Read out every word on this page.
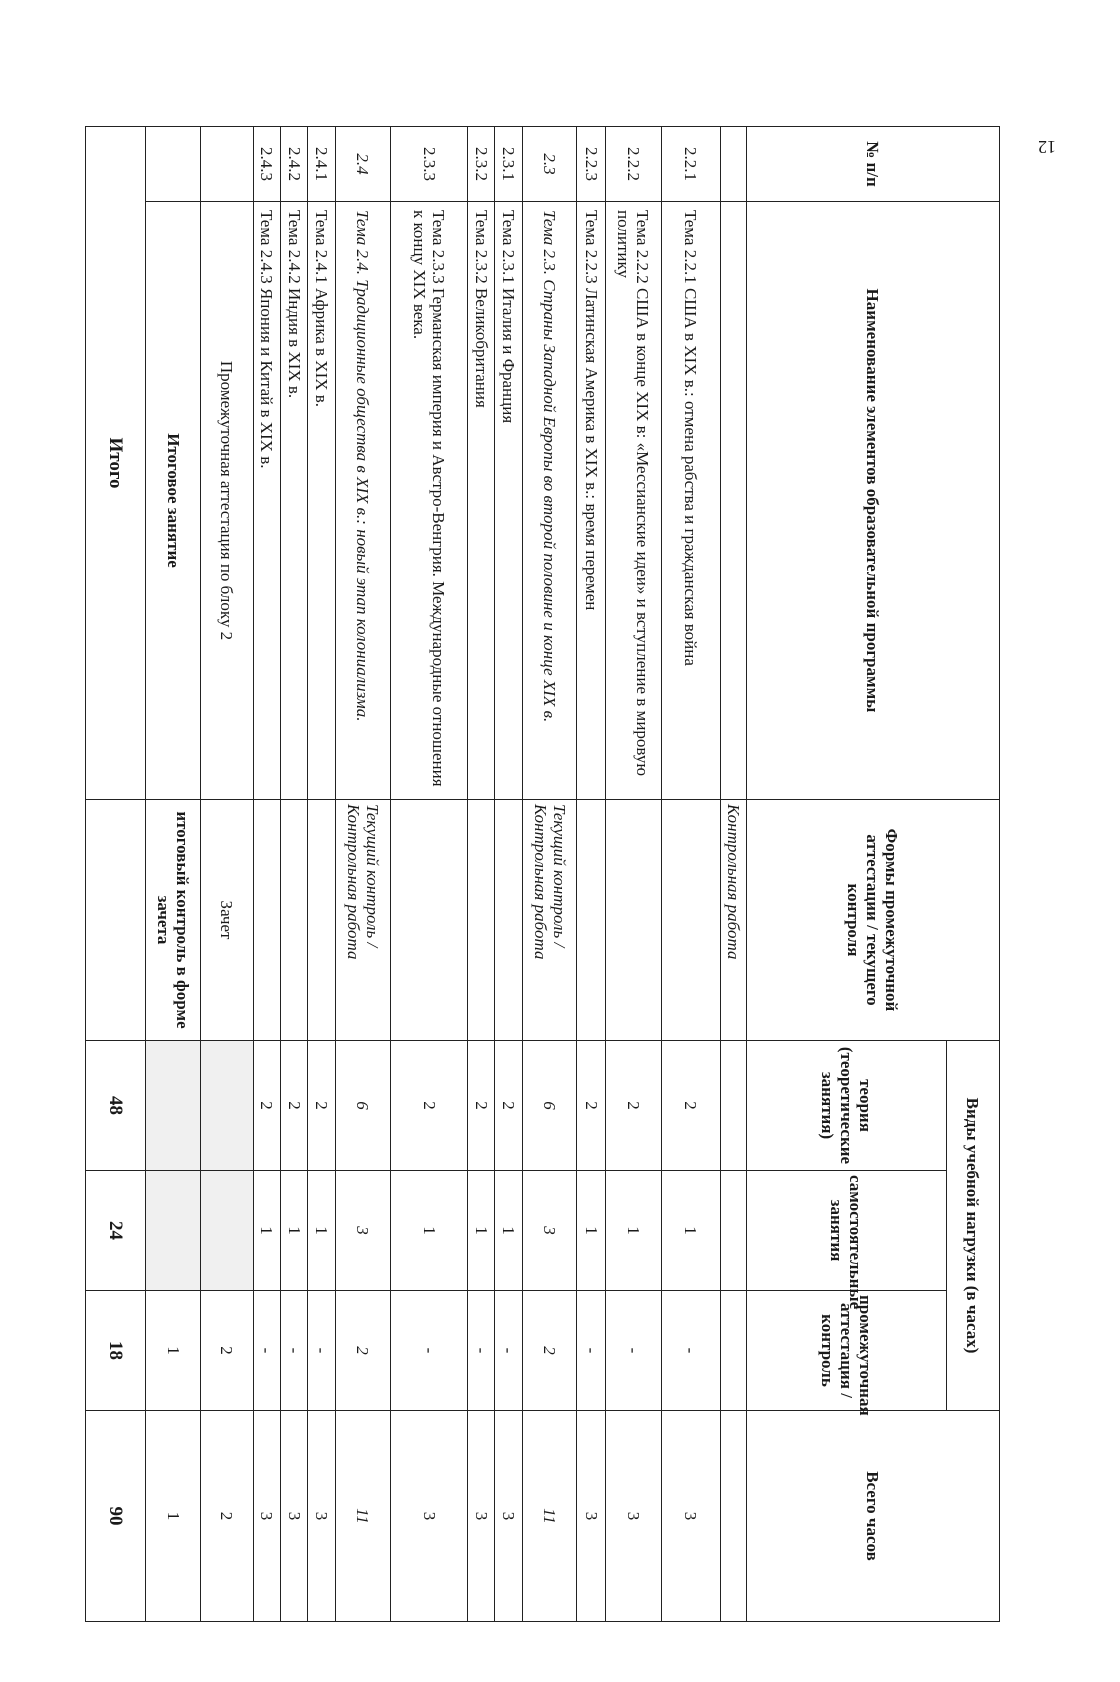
12
№ п/п	Наименование элементов образовательной программы	Формы промежуточной аттестации / текущего контроля	Виды учебной нагрузки (в часах)			Всего часов
			теория (теоретические занятия)	самостоятельные занятия	промежуточная аттестация / контроль	
		Контрольная работа				
2.2.1	Тема 2.2.1 США в XIX в.: отмена рабства и гражданская война		2	1	-	3
2.2.2	Тема 2.2.2 США в конце XIX в: «Мессианские идеи» и вступление в мировую политику		2	1	-	3
2.2.3	Тема 2.2.3 Латинская Америка в XIX в.: время перемен		2	1	-	3
2.3	Тема 2.3. Страны Западной Европы во второй половине и конце XIX в.	Текущий контроль / Контрольная работа	6	3	2	11
2.3.1	Тема 2.3.1 Италия и Франция		2	1	-	3
2.3.2	Тема 2.3.2 Великобритания		2	1	-	3
2.3.3	Тема 2.3.3 Германская империя и Австро-Венгрия. Международные отношения к концу XIX века.		2	1	-	3
2.4	Тема 2.4. Традиционные общества в XIX в.: новый этап колониализма.	Текущий контроль / Контрольная работа	6	3	2	11
2.4.1	Тема 2.4.1 Африка в XIX в.		2	1	-	3
2.4.2	Тема 2.4.2 Индия в XIX в.		2	1	-	3
2.4.3	Тема 2.4.3 Япония и Китай в XIX в.		2	1	-	3
	Промежуточная аттестация по блоку 2	Зачет			2	2
	Итоговое занятие	итоговый контроль в форме зачета			1	1
Итого			48	24	18	90
